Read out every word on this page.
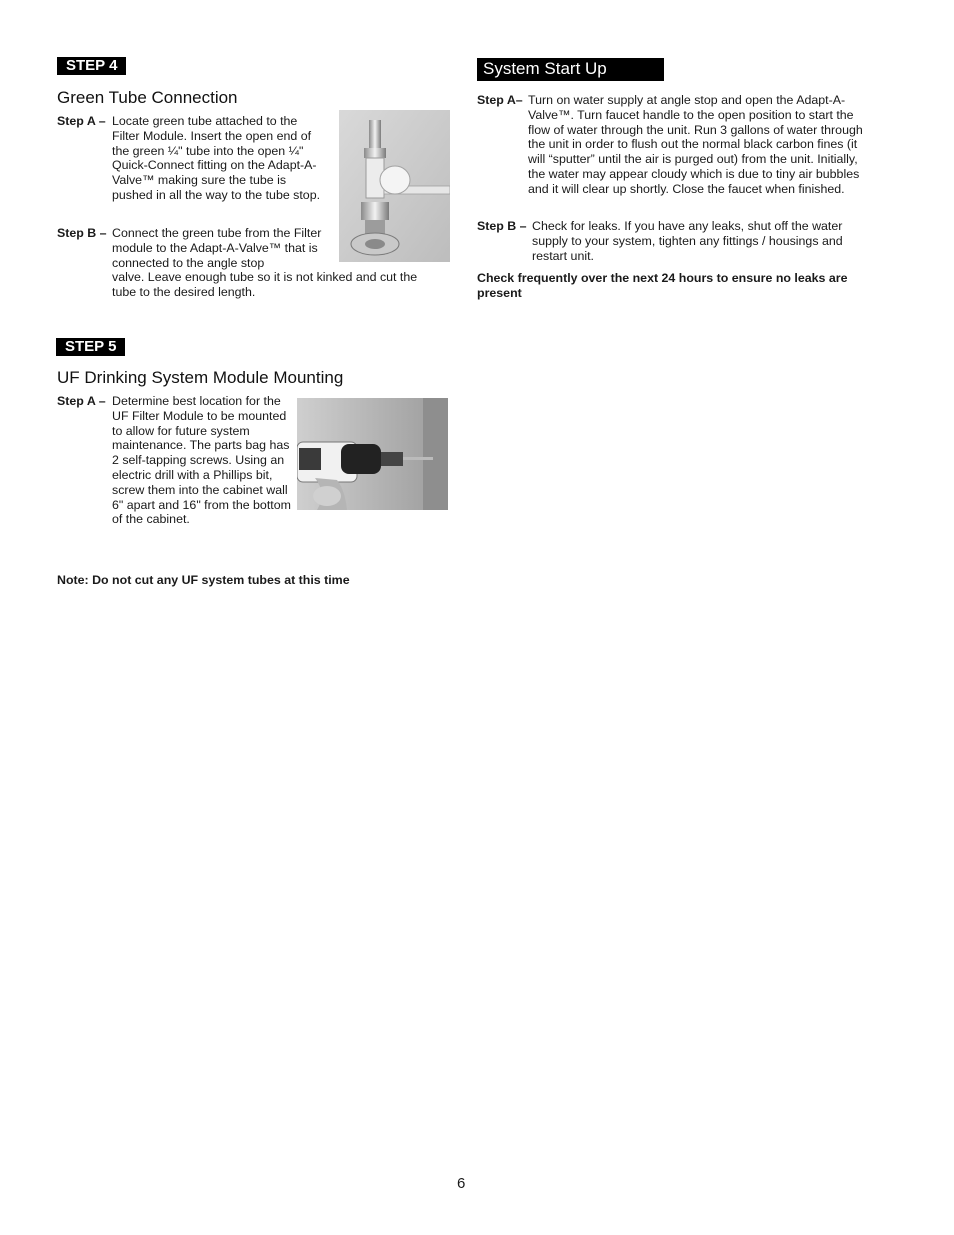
STEP 4
Green Tube Connection
Step A – Locate green tube attached to the Filter Module. Insert the open end of the green ¼" tube into the open ¼" Quick-Connect fitting on the Adapt-A-Valve™ making sure the tube is pushed in all the way to the tube stop.

Step B – Connect the green tube from the Filter module to the Adapt-A-Valve™ that is connected to the angle stop

valve. Leave enough tube so it is not kinked and cut the tube to the desired length.

STEP 5
UF Drinking System Module Mounting
Step A – Determine best location for the UF Filter Module to be mounted to allow for future system maintenance. The parts bag has 2 self-tapping screws. Using an electric drill with a Phillips bit, screw them into the cabinet wall 6" apart and 16" from the bottom of the cabinet.

Note: Do not cut any UF system tubes at this time
System Start Up
Step A– Turn on water supply at angle stop and open the Adapt-A-Valve™. Turn faucet handle to the open position to start the flow of water through the unit. Run 3 gallons of water through the unit in order to flush out the normal black carbon fines (it will “sputter” until the air is purged out) from the unit. Initially, the water may appear cloudy which is due to tiny air bubbles and it will clear up shortly. Close the faucet when finished.

Step B – Check for leaks. If you have any leaks, shut off the water supply to your system, tighten any fittings / housings and restart unit.

Check frequently over the next 24 hours to ensure no leaks are present
6
